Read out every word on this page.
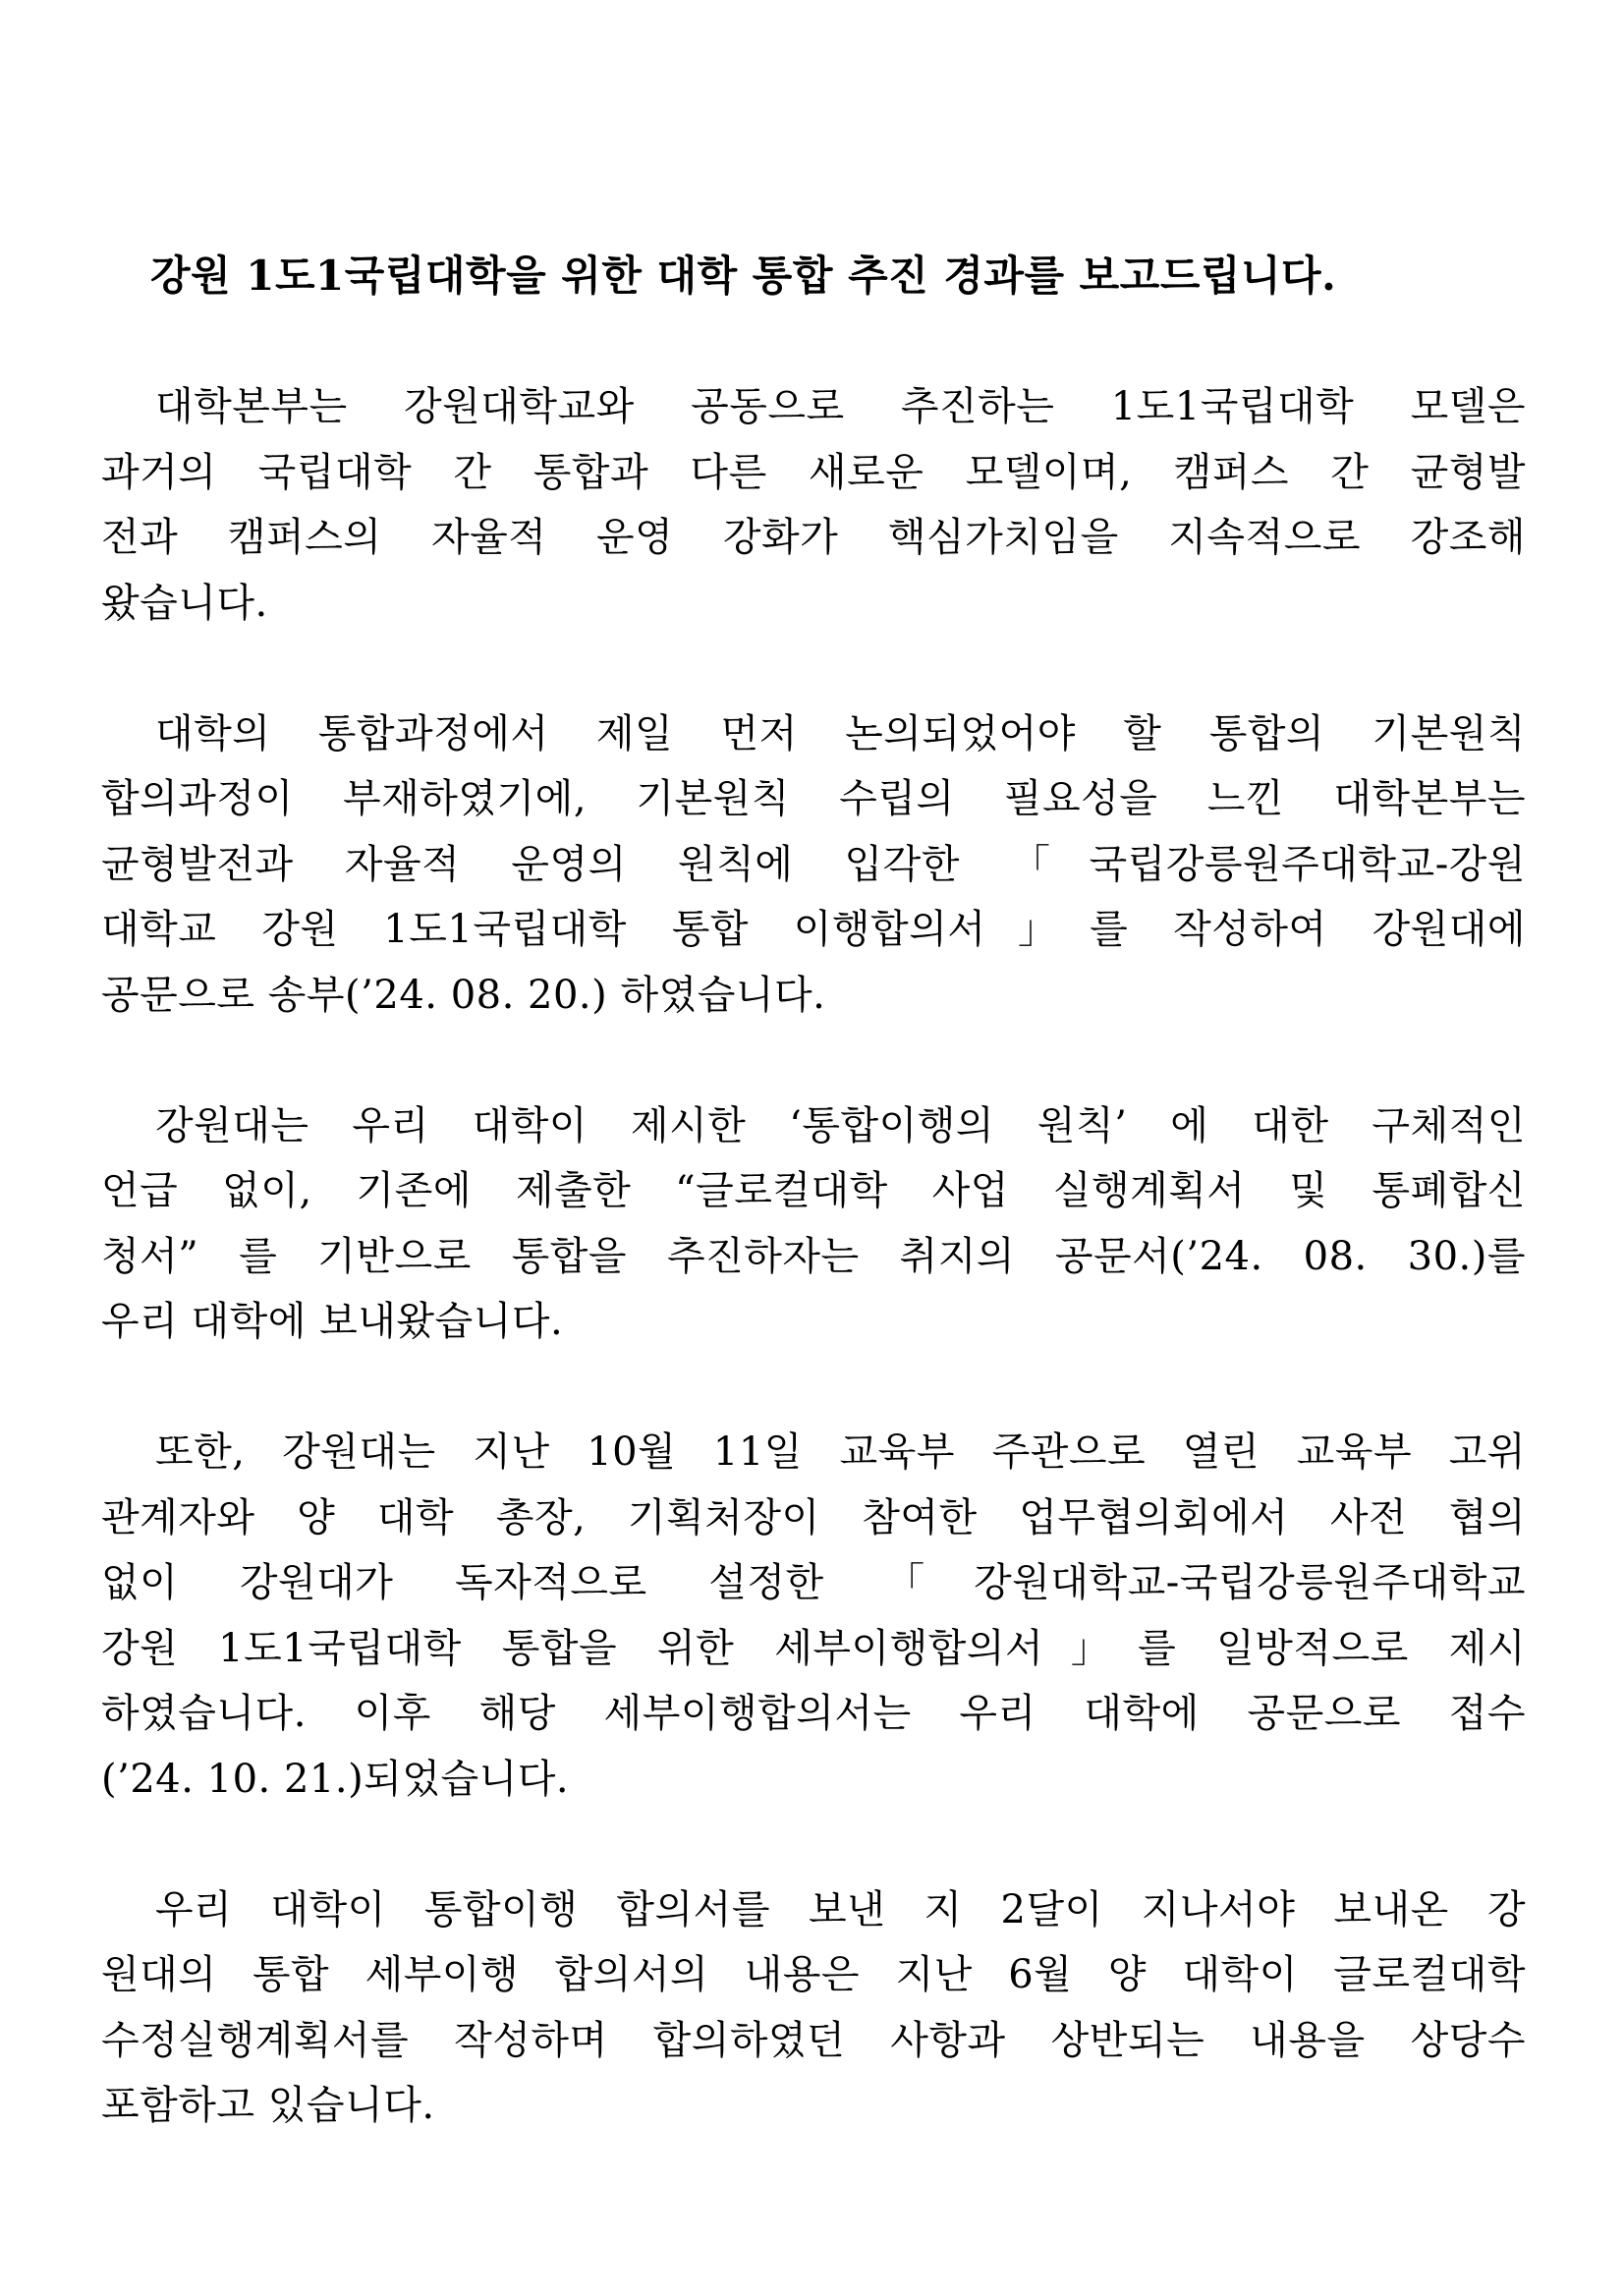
강원 1도1국립대학을 위한 대학 통합 추진 경과를 보고드립니다.
대학본부는 강원대학교와 공동으로 추진하는 1도1국립대학 모델은
과거의 국립대학 간 통합과 다른 새로운 모델이며, 캠퍼스 간 균형발
전과 캠퍼스의 자율적 운영 강화가 핵심가치임을 지속적으로 강조해
왔습니다.
대학의 통합과정에서 제일 먼저 논의되었어야 할 통합의 기본원칙
합의과정이 부재하였기에, 기본원칙 수립의 필요성을 느낀 대학본부는
균형발전과 자율적 운영의 원칙에 입각한 「국립강릉원주대학교-강원
대학교 강원 1도1국립대학 통합 이행합의서」를 작성하여 강원대에
공문으로 송부(’24. 08. 20.) 하였습니다.
강원대는 우리 대학이 제시한 ‘통합이행의 원칙’ 에 대한 구체적인
언급 없이, 기존에 제출한 “글로컬대학 사업 실행계획서 및 통폐합신
청서” 를 기반으로 통합을 추진하자는 취지의 공문서(’24. 08. 30.)를
우리 대학에 보내왔습니다.
또한, 강원대는 지난 10월 11일 교육부 주관으로 열린 교육부 고위
관계자와 양 대학 총장, 기획처장이 참여한 업무협의회에서 사전 협의
없이 강원대가 독자적으로 설정한 「강원대학교-국립강릉원주대학교
강원 1도1국립대학 통합을 위한 세부이행합의서」를 일방적으로 제시
하였습니다. 이후 해당 세부이행합의서는 우리 대학에 공문으로 접수
(’24. 10. 21.)되었습니다.
우리 대학이 통합이행 합의서를 보낸 지 2달이 지나서야 보내온 강
원대의 통합 세부이행 합의서의 내용은 지난 6월 양 대학이 글로컬대학
수정실행계획서를 작성하며 합의하였던 사항과 상반되는 내용을 상당수
포함하고 있습니다.
